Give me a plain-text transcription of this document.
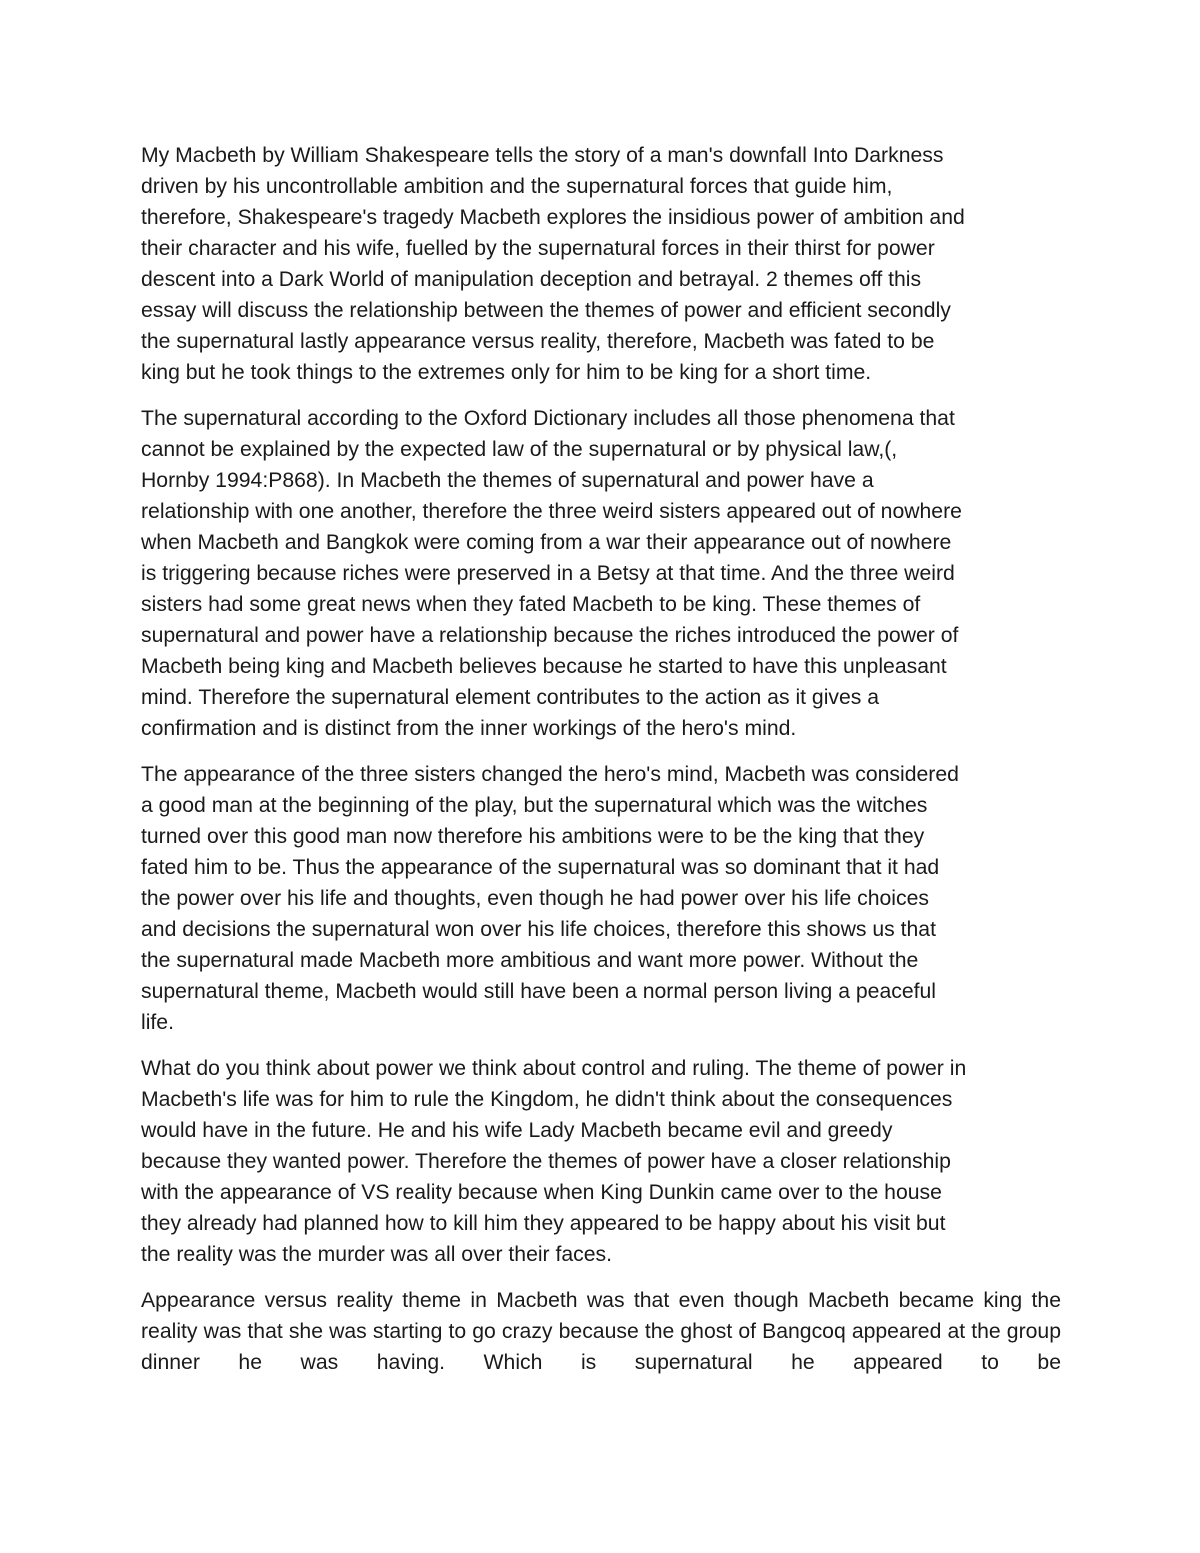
My Macbeth by William Shakespeare tells the story of a man's downfall Into Darkness
driven by his uncontrollable ambition and the supernatural forces that guide him,
therefore, Shakespeare's tragedy Macbeth explores the insidious power of ambition and
their character and his wife, fuelled by the supernatural forces in their thirst for power
descent into a Dark World of manipulation deception and betrayal. 2 themes off this
essay will discuss the relationship between the themes of power and efficient secondly
the supernatural lastly appearance versus reality, therefore, Macbeth was fated to be
king but he took things to the extremes only for him to be king for a short time.

The supernatural according to the Oxford Dictionary includes all those phenomena that
cannot be explained by the expected law of the supernatural or by physical law,(,
Hornby 1994:P868). In Macbeth the themes of supernatural and power have a
relationship with one another, therefore the three weird sisters appeared out of nowhere
when Macbeth and Bangkok were coming from a war their appearance out of nowhere
is triggering because riches were preserved in a Betsy at that time. And the three weird
sisters had some great news when they fated Macbeth to be king. These themes of
supernatural and power have a relationship because the riches introduced the power of
Macbeth being king and Macbeth believes because he started to have this unpleasant
mind. Therefore the supernatural element contributes to the action as it gives a
confirmation and is distinct from the inner workings of the hero's mind.

The appearance of the three sisters changed the hero's mind, Macbeth was considered
a good man at the beginning of the play, but the supernatural which was the witches
turned over this good man now therefore his ambitions were to be the king that they
fated him to be. Thus the appearance of the supernatural was so dominant that it had
the power over his life and thoughts, even though he had power over his life choices
and decisions the supernatural won over his life choices, therefore this shows us that
the supernatural made Macbeth more ambitious and want more power. Without the
supernatural theme, Macbeth would still have been a normal person living a peaceful
life.

What do you think about power we think about control and ruling. The theme of power in
Macbeth's life was for him to rule the Kingdom, he didn't think about the consequences
would have in the future. He and his wife Lady Macbeth became evil and greedy
because they wanted power. Therefore the themes of power have a closer relationship
with the appearance of VS reality because when King Dunkin came over to the house
they already had planned how to kill him they appeared to be happy about his visit but
the reality was the murder was all over their faces.

Appearance versus reality theme in Macbeth was that even though Macbeth became king the reality was that she was starting to go crazy because the ghost of Bangcoq appeared at the group dinner he was having. Which is supernatural he appeared to be
